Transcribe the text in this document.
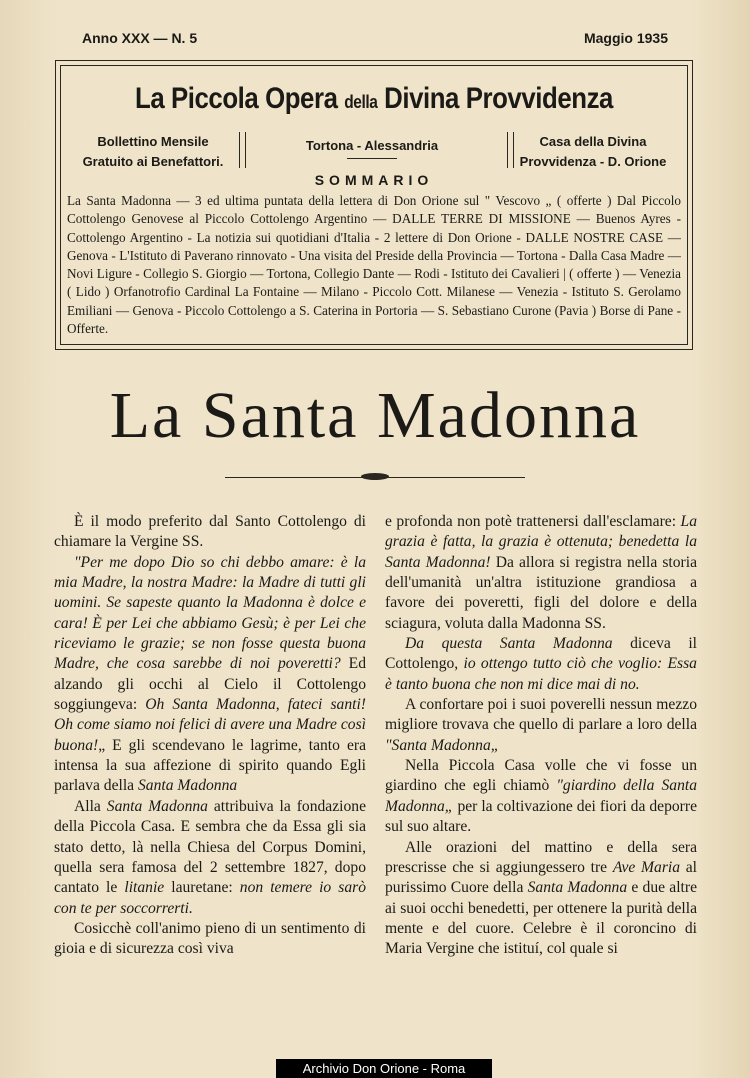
Anno XXX — N. 5	Maggio 1935
La Piccola Opera della Divina Provvidenza
Bollettino Mensile
Gratuito ai Benefattori.
Tortona - Alessandria	Casa della Divina
Provvidenza - D. Orione
SOMMARIO
La Santa Madonna — 3 ed ultima puntata della lettera di Don Orione sul " Vescovo „ ( offerte ) Dal Piccolo Cottolengo Genovese al Piccolo Cottolengo Argentino — DALLE TERRE DI MISSIONE — Buenos Ayres - Cottolengo Argentino - La notizia sui quotidiani d'Italia - 2 lettere di Don Orione - DALLE NOSTRE CASE — Genova - L'Istituto di Paverano rinnovato - Una visita del Preside della Provincia — Tortona - Dalla Casa Madre — Novi Ligure - Collegio S. Giorgio — Tortona, Collegio Dante — Rodi - Istituto dei Cavalieri | ( offerte ) — Venezia ( Lido ) Orfanotrofio Cardinal La Fontaine — Milano - Piccolo Cott. Milanese — Venezia - Istituto S. Gerolamo Emiliani — Genova - Piccolo Cottolengo a S. Caterina in Portoria — S. Sebastiano Curone (Pavia ) Borse di Pane - Offerte.
La Santa Madonna

È il modo preferito dal Santo Cottolengo di chiamare la Vergine SS.

"Per me dopo Dio so chi debbo amare: è la mia Madre, la nostra Madre: la Madre di tutti gli uomini. Se sapeste quanto la Madonna è dolce e cara! È per Lei che abbiamo Gesù; è per Lei che riceviamo le grazie; se non fosse questa buona Madre, che cosa sarebbe di noi poveretti? Ed alzando gli occhi al Cielo il Cottolengo soggiungeva: Oh Santa Madonna, fateci santi! Oh come siamo noi felici di avere una Madre così buona!„ E gli scendevano le lagrime, tanto era intensa la sua affezione di spirito quando Egli parlava della Santa Madonna

Alla Santa Madonna attribuiva la fondazione della Piccola Casa. E sembra che da Essa gli sia stato detto, là nella Chiesa del Corpus Domini, quella sera famosa del 2 settembre 1827, dopo cantato le litanie lauretane: non temere io sarò con te per soccorrerti.

Cosicchè coll'animo pieno di un sentimento di gioia e di sicurezza così viva

e profonda non potè trattenersi dall'esclamare: La grazia è fatta, la grazia è ottenuta; benedetta la Santa Madonna! Da allora si registra nella storia dell'umanità un'altra istituzione grandiosa a favore dei poveretti, figli del dolore e della sciagura, voluta dalla Madonna SS.

Da questa Santa Madonna diceva il Cottolengo, io ottengo tutto ciò che voglio: Essa è tanto buona che non mi dice mai di no.

A confortare poi i suoi poverelli nessun mezzo migliore trovava che quello di parlare a loro della "Santa Madonna„

Nella Piccola Casa volle che vi fosse un giardino che egli chiamò "giardino della Santa Madonna„ per la coltivazione dei fiori da deporre sul suo altare.

Alle orazioni del mattino e della sera prescrisse che si aggiungessero tre Ave Maria al purissimo Cuore della Santa Madonna e due altre ai suoi occhi benedetti, per ottenere la purità della mente e del cuore. Celebre è il coroncino di Maria Vergine che istituí, col quale si

Archivio Don Orione - Roma
